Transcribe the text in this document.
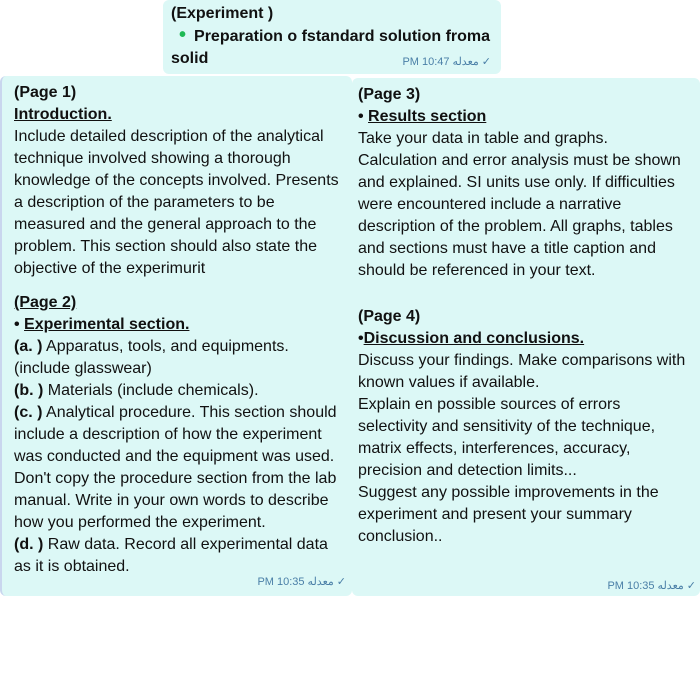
(Experiment )
• Preparation o fstandard solution froma
solid	PM 10:47 معدله ✓
(Page 1)
Introduction.
Include detailed description of the analytical
technique involved showing a thorough
knowledge of the concepts involved. Presents
a description of the parameters to be
measured and the general approach to the
problem. This section should also state the
objective of the experimurit
(Page 2)
• Experimental section.
(a. ) Apparatus, tools, and equipments.
(include glasswear)
(b. ) Materials (include chemicals).
(c. ) Analytical procedure. This section should
include a description of how the experiment
was conducted and the equipment was used.
Don't copy the procedure section from the lab
manual. Write in your own words to describe
how you performed the experiment.
(d. ) Raw data. Record all experimental data
as it is obtained.
PM 10:35 معدله ✓
(Page 3)
• Results section
Take your data in table and graphs.
Calculation and error analysis must be shown
and explained. SI units use only. If difficulties
were encountered include a narrative
description of the problem. All graphs, tables
and sections must have a title caption and
should be referenced in your text.
(Page 4)
•Discussion and conclusions.
Discuss your findings. Make comparisons with
known values if available.
Explain en possible sources of errors
selectivity and sensitivity of the technique,
matrix effects, interferences, accuracy,
precision and detection limits...
Suggest any possible improvements in the
experiment and present your summary
conclusion..
PM 10:35 معدله ✓
